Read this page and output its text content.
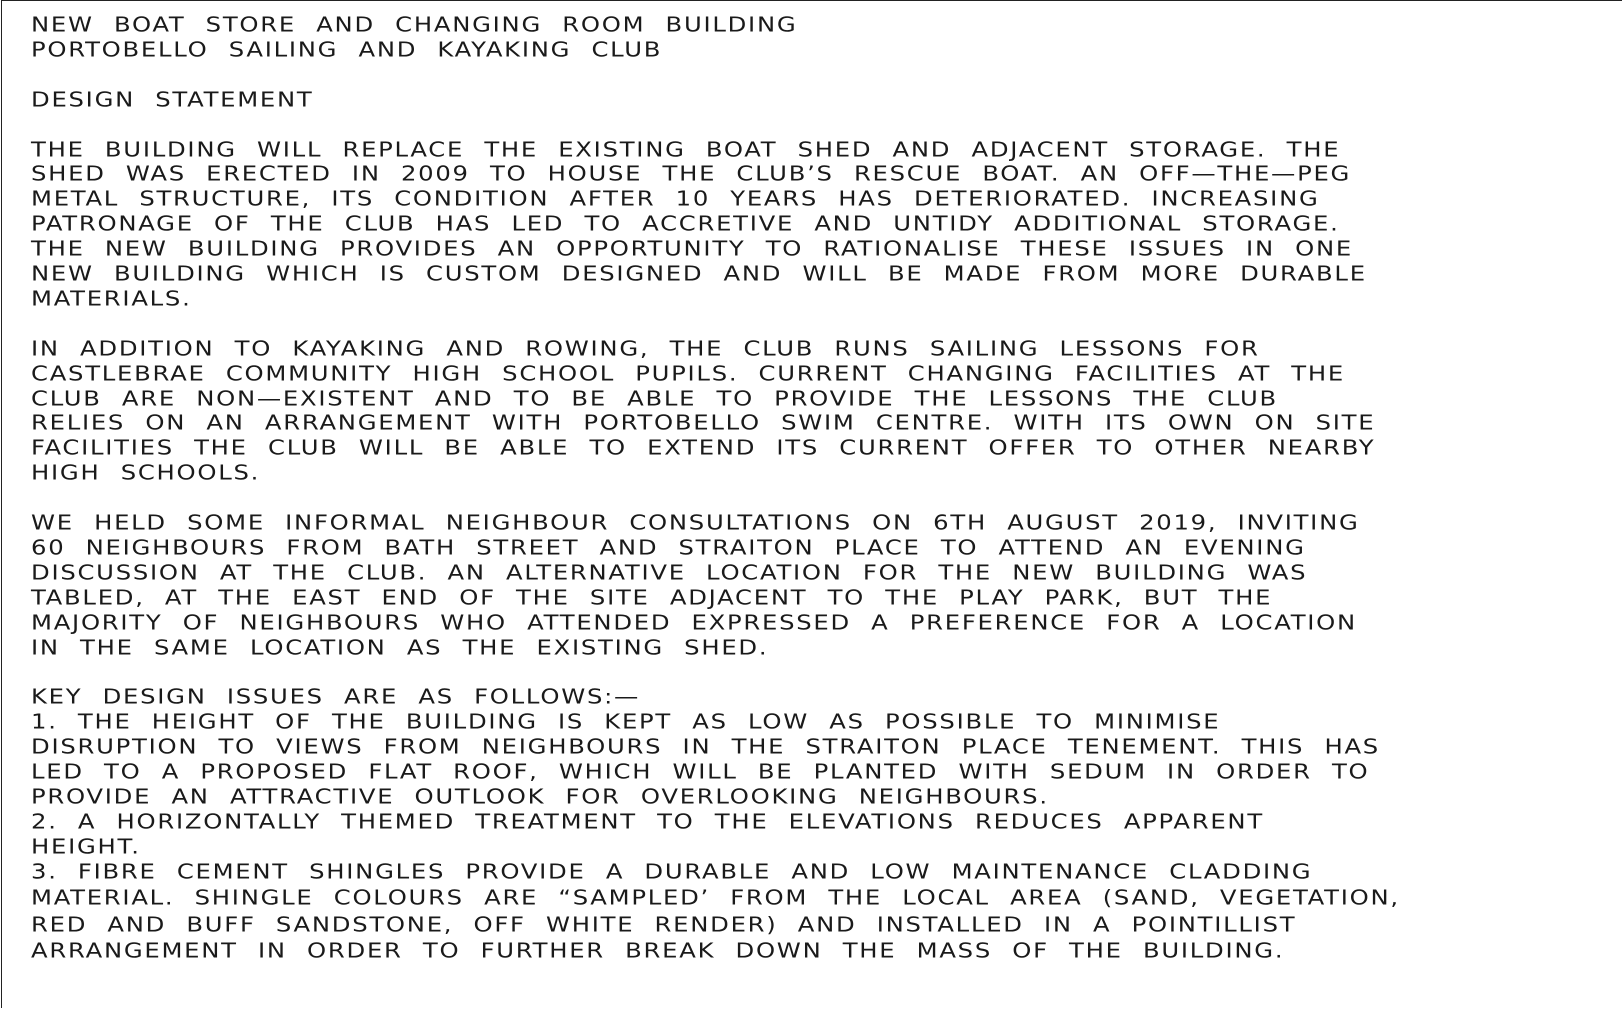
NEW BOAT STORE AND CHANGING ROOM BUILDING
PORTOBELLO SAILING AND KAYAKING CLUB
DESIGN STATEMENT
THE BUILDING WILL REPLACE THE EXISTING BOAT SHED AND ADJACENT STORAGE. THE
SHED WAS ERECTED IN 2009 TO HOUSE THE CLUB’S RESCUE BOAT. AN OFF—THE—PEG
METAL STRUCTURE, ITS CONDITION AFTER 10 YEARS HAS DETERIORATED. INCREASING
PATRONAGE OF THE CLUB HAS LED TO ACCRETIVE AND UNTIDY ADDITIONAL STORAGE.
THE NEW BUILDING PROVIDES AN OPPORTUNITY TO RATIONALISE THESE ISSUES IN ONE
NEW BUILDING WHICH IS CUSTOM DESIGNED AND WILL BE MADE FROM MORE DURABLE
MATERIALS.
IN ADDITION TO KAYAKING AND ROWING, THE CLUB RUNS SAILING LESSONS FOR
CASTLEBRAE COMMUNITY HIGH SCHOOL PUPILS. CURRENT CHANGING FACILITIES AT THE
CLUB ARE NON—EXISTENT AND TO BE ABLE TO PROVIDE THE LESSONS THE CLUB
RELIES ON AN ARRANGEMENT WITH PORTOBELLO SWIM CENTRE. WITH ITS OWN ON SITE
FACILITIES THE CLUB WILL BE ABLE TO EXTEND ITS CURRENT OFFER TO OTHER NEARBY
HIGH SCHOOLS.
WE HELD SOME INFORMAL NEIGHBOUR CONSULTATIONS ON 6TH AUGUST 2019, INVITING
60 NEIGHBOURS FROM BATH STREET AND STRAITON PLACE TO ATTEND AN EVENING
DISCUSSION AT THE CLUB. AN ALTERNATIVE LOCATION FOR THE NEW BUILDING WAS
TABLED, AT THE EAST END OF THE SITE ADJACENT TO THE PLAY PARK, BUT THE
MAJORITY OF NEIGHBOURS WHO ATTENDED EXPRESSED A PREFERENCE FOR A LOCATION
IN THE SAME LOCATION AS THE EXISTING SHED.
KEY DESIGN ISSUES ARE AS FOLLOWS:—
1. THE HEIGHT OF THE BUILDING IS KEPT AS LOW AS POSSIBLE TO MINIMISE
DISRUPTION TO VIEWS FROM NEIGHBOURS IN THE STRAITON PLACE TENEMENT. THIS HAS
LED TO A PROPOSED FLAT ROOF, WHICH WILL BE PLANTED WITH SEDUM IN ORDER TO
PROVIDE AN ATTRACTIVE OUTLOOK FOR OVERLOOKING NEIGHBOURS.
2. A HORIZONTALLY THEMED TREATMENT TO THE ELEVATIONS REDUCES APPARENT
HEIGHT.
3. FIBRE CEMENT SHINGLES PROVIDE A DURABLE AND LOW MAINTENANCE CLADDING
MATERIAL. SHINGLE COLOURS ARE “SAMPLED’ FROM THE LOCAL AREA (SAND, VEGETATION,
RED AND BUFF SANDSTONE, OFF WHITE RENDER) AND INSTALLED IN A POINTILLIST
ARRANGEMENT IN ORDER TO FURTHER BREAK DOWN THE MASS OF THE BUILDING.
